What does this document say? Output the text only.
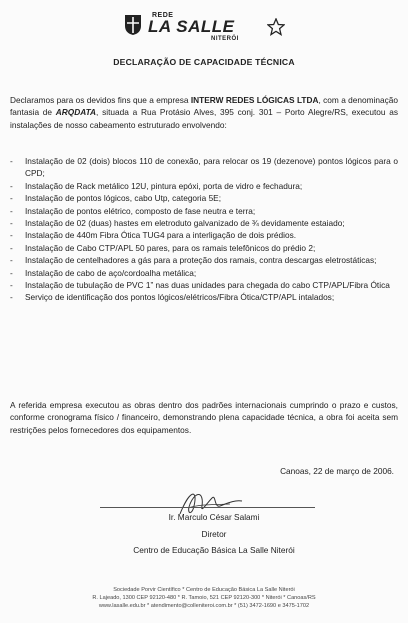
REDE
LA SALLE
NITERÓI
DECLARAÇÃO DE CAPACIDADE TÉCNICA
Declaramos para os devidos fins que a empresa INTERW REDES LÓGICAS LTDA, com a denominação fantasia de ARQDATA, situada a Rua Protásio Alves, 395 conj. 301 – Porto Alegre/RS, executou as instalações de nosso cabeamento estruturado envolvendo:
- Instalação de 02 (dois) blocos 110 de conexão, para relocar os 19 (dezenove) pontos lógicos para o CPD;
- Instalação de Rack metálico 12U, pintura epóxi, porta de vidro e fechadura;
- Instalação de pontos lógicos, cabo Utp, categoria 5E;
- Instalação de pontos elétrico, composto de fase neutra e terra;
- Instalação de 02 (duas) hastes em eletroduto galvanizado de ¾ devidamente estaiado;
- Instalação de 440m Fibra Ótica TUG4 para a interligação de dois prédios.
- Instalação de Cabo CTP/APL 50 pares, para os ramais telefônicos do prédio 2;
- Instalação de centelhadores a gás para a proteção dos ramais, contra descargas eletrostáticas;
- Instalação de cabo de aço/cordoalha metálica;
- Instalação de tubulação de PVC 1” nas duas unidades para chegada do cabo CTP/APL/Fibra Ótica
- Serviço de identificação dos pontos lógicos/elétricos/Fibra Ótica/CTP/APL intalados;
A referida empresa executou as obras dentro dos padrões internacionais cumprindo o prazo e custos, conforme cronograma físico / financeiro, demonstrando plena capacidade técnica, a obra foi aceita sem restrições pelos fornecedores dos equipamentos.
Canoas, 22 de março de 2006.
Ir. Marculo César Salami
Diretor
Centro de Educação Básica La Salle Niterói
Sociedade Porvir Científico * Centro de Educação Básica La Salle Niterói
R. Lajeado, 1300 CEP 92120-480 * R. Tamoio, 521 CEP 92120-300 * Niterói * Canoas/RS
www.lasalle.edu.br * atendimento@colleniteroi.com.br * (51) 3472-1690 e 3475-1702
